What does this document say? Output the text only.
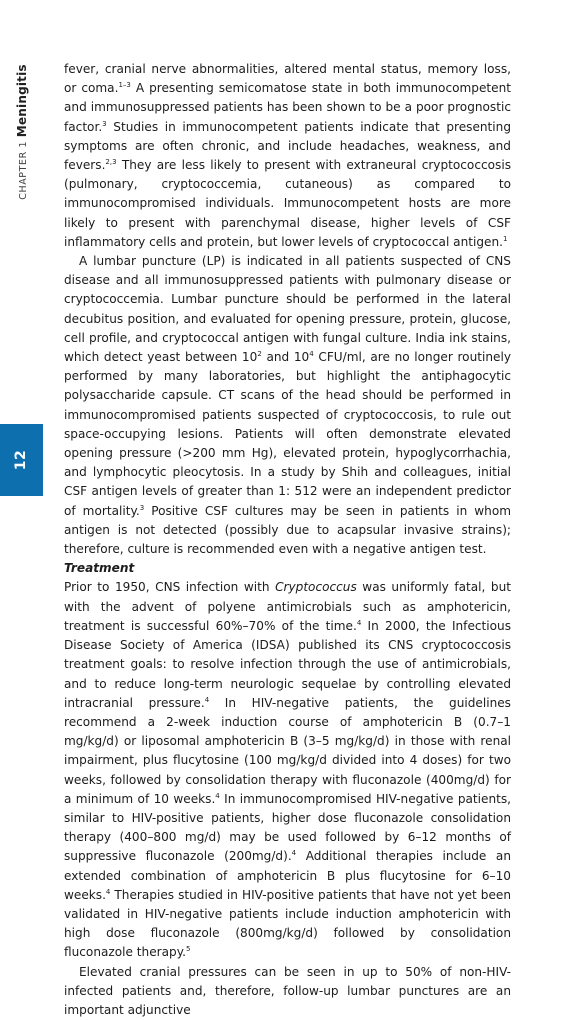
CHAPTER 1 Meningitis
12

fever, cranial nerve abnormalities, altered mental status, memory loss, or coma.$^{1-3}$ A presenting semicomatose state in both immunocompetent and immunosuppressed patients has been shown to be a poor prognostic factor.$^3$ Studies in immunocompetent patients indicate that presenting symptoms are often chronic, and include headaches, weakness, and fevers.$^{2,3}$ They are less likely to present with extraneural cryptococcosis (pulmonary, cryptococcemia, cutaneous) as compared to immunocompromised individuals. Immunocompetent hosts are more likely to present with parenchymal disease, higher levels of CSF inflammatory cells and protein, but lower levels of cryptococcal antigen.$^1$

A lumbar puncture (LP) is indicated in all patients suspected of CNS disease and all immunosuppressed patients with pulmonary disease or cryptococcemia. Lumbar puncture should be performed in the lateral decubitus position, and evaluated for opening pressure, protein, glucose, cell profile, and cryptococcal antigen with fungal culture. India ink stains, which detect yeast between $10^2$ and $10^4$ CFU/ml, are no longer routinely performed by many laboratories, but highlight the antiphagocytic polysaccharide capsule. CT scans of the head should be performed in immunocompromised patients suspected of cryptococcosis, to rule out space-occupying lesions. Patients will often demonstrate elevated opening pressure (>200 mm Hg), elevated protein, hypoglycorrhachia, and lymphocytic pleocytosis. In a study by Shih and colleagues, initial CSF antigen levels of greater than 1: 512 were an independent predictor of mortality.$^3$ Positive CSF cultures may be seen in patients in whom antigen is not detected (possibly due to acapsular invasive strains); therefore, culture is recommended even with a negative antigen test.

Treatment

Prior to 1950, CNS infection with Cryptococcus was uniformly fatal, but with the advent of polyene antimicrobials such as amphotericin, treatment is successful 60%–70% of the time.$^4$ In 2000, the Infectious Disease Society of America (IDSA) published its CNS cryptococcosis treatment goals: to resolve infection through the use of antimicrobials, and to reduce long-term neurologic sequelae by controlling elevated intracranial pressure.$^4$ In HIV-negative patients, the guidelines recommend a 2-week induction course of amphotericin B (0.7–1 mg/kg/d) or liposomal amphotericin B (3–5 mg/kg/d) in those with renal impairment, plus flucytosine (100 mg/kg/d divided into 4 doses) for two weeks, followed by consolidation therapy with fluconazole (400mg/d) for a minimum of 10 weeks.$^4$ In immunocompromised HIV-negative patients, similar to HIV-positive patients, higher dose fluconazole consolidation therapy (400–800 mg/d) may be used followed by 6–12 months of suppressive fluconazole (200mg/d).$^4$ Additional therapies include an extended combination of amphotericin B plus flucytosine for 6–10 weeks.$^4$ Therapies studied in HIV-positive patients that have not yet been validated in HIV-negative patients include induction amphotericin with high dose fluconazole (800mg/kg/d) followed by consolidation fluconazole therapy.$^5$

Elevated cranial pressures can be seen in up to 50% of non-HIV-infected patients and, therefore, follow-up lumbar punctures are an important adjunctive
